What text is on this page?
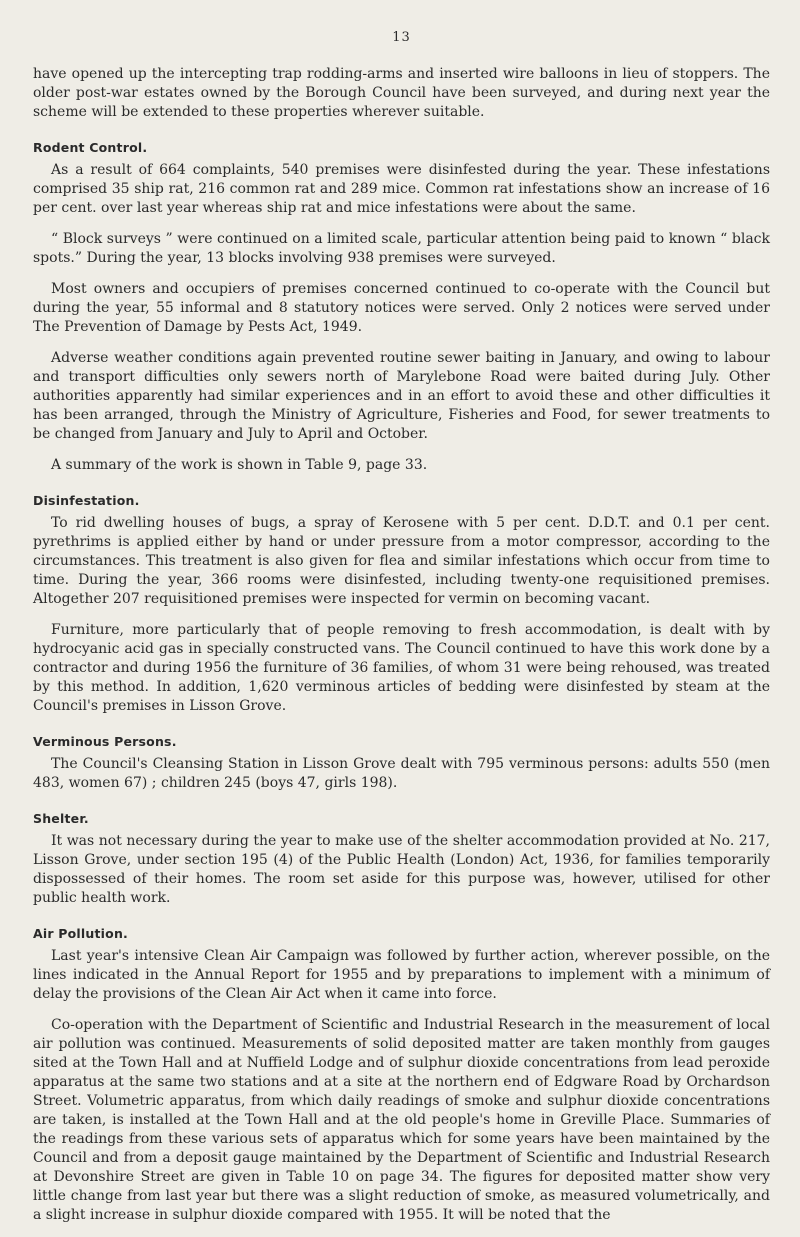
13

have opened up the intercepting trap rodding-arms and inserted wire balloons in lieu of stoppers. The older post-war estates owned by the Borough Council have been surveyed, and during next year the scheme will be extended to these properties wherever suitable.

Rodent Control.

As a result of 664 complaints, 540 premises were disinfested during the year. These infestations comprised 35 ship rat, 216 common rat and 289 mice. Common rat infestations show an increase of 16 per cent. over last year whereas ship rat and mice infestations were about the same.

“ Block surveys ” were continued on a limited scale, particular attention being paid to known “ black spots.” During the year, 13 blocks involving 938 premises were surveyed.

Most owners and occupiers of premises concerned continued to co-operate with the Council but during the year, 55 informal and 8 statutory notices were served. Only 2 notices were served under The Prevention of Damage by Pests Act, 1949.

Adverse weather conditions again prevented routine sewer baiting in January, and owing to labour and transport difficulties only sewers north of Marylebone Road were baited during July. Other authorities apparently had similar experiences and in an effort to avoid these and other difficulties it has been arranged, through the Ministry of Agriculture, Fisheries and Food, for sewer treatments to be changed from January and July to April and October.

A summary of the work is shown in Table 9, page 33.

Disinfestation.

To rid dwelling houses of bugs, a spray of Kerosene with 5 per cent. D.D.T. and 0.1 per cent. pyrethrims is applied either by hand or under pressure from a motor compressor, according to the circumstances. This treatment is also given for flea and similar infestations which occur from time to time. During the year, 366 rooms were disinfested, including twenty-one requisitioned premises. Altogether 207 requisitioned premises were inspected for vermin on becoming vacant.

Furniture, more particularly that of people removing to fresh accommodation, is dealt with by hydrocyanic acid gas in specially constructed vans. The Council continued to have this work done by a contractor and during 1956 the furniture of 36 families, of whom 31 were being rehoused, was treated by this method. In addition, 1,620 verminous articles of bedding were disinfested by steam at the Council's premises in Lisson Grove.

Verminous Persons.

The Council's Cleansing Station in Lisson Grove dealt with 795 verminous persons: adults 550 (men 483, women 67) ; children 245 (boys 47, girls 198).

Shelter.

It was not necessary during the year to make use of the shelter accommodation provided at No. 217, Lisson Grove, under section 195 (4) of the Public Health (London) Act, 1936, for families temporarily dispossessed of their homes. The room set aside for this purpose was, however, utilised for other public health work.

Air Pollution.

Last year's intensive Clean Air Campaign was followed by further action, wherever possible, on the lines indicated in the Annual Report for 1955 and by preparations to implement with a minimum of delay the provisions of the Clean Air Act when it came into force.

Co-operation with the Department of Scientific and Industrial Research in the measurement of local air pollution was continued. Measurements of solid deposited matter are taken monthly from gauges sited at the Town Hall and at Nuffield Lodge and of sulphur dioxide concentrations from lead peroxide apparatus at the same two stations and at a site at the northern end of Edgware Road by Orchardson Street. Volumetric apparatus, from which daily readings of smoke and sulphur dioxide concentrations are taken, is installed at the Town Hall and at the old people's home in Greville Place. Summaries of the readings from these various sets of apparatus which for some years have been maintained by the Council and from a deposit gauge maintained by the Department of Scientific and Industrial Research at Devonshire Street are given in Table 10 on page 34. The figures for deposited matter show very little change from last year but there was a slight reduction of smoke, as measured volumetrically, and a slight increase in sulphur dioxide compared with 1955. It will be noted that the
